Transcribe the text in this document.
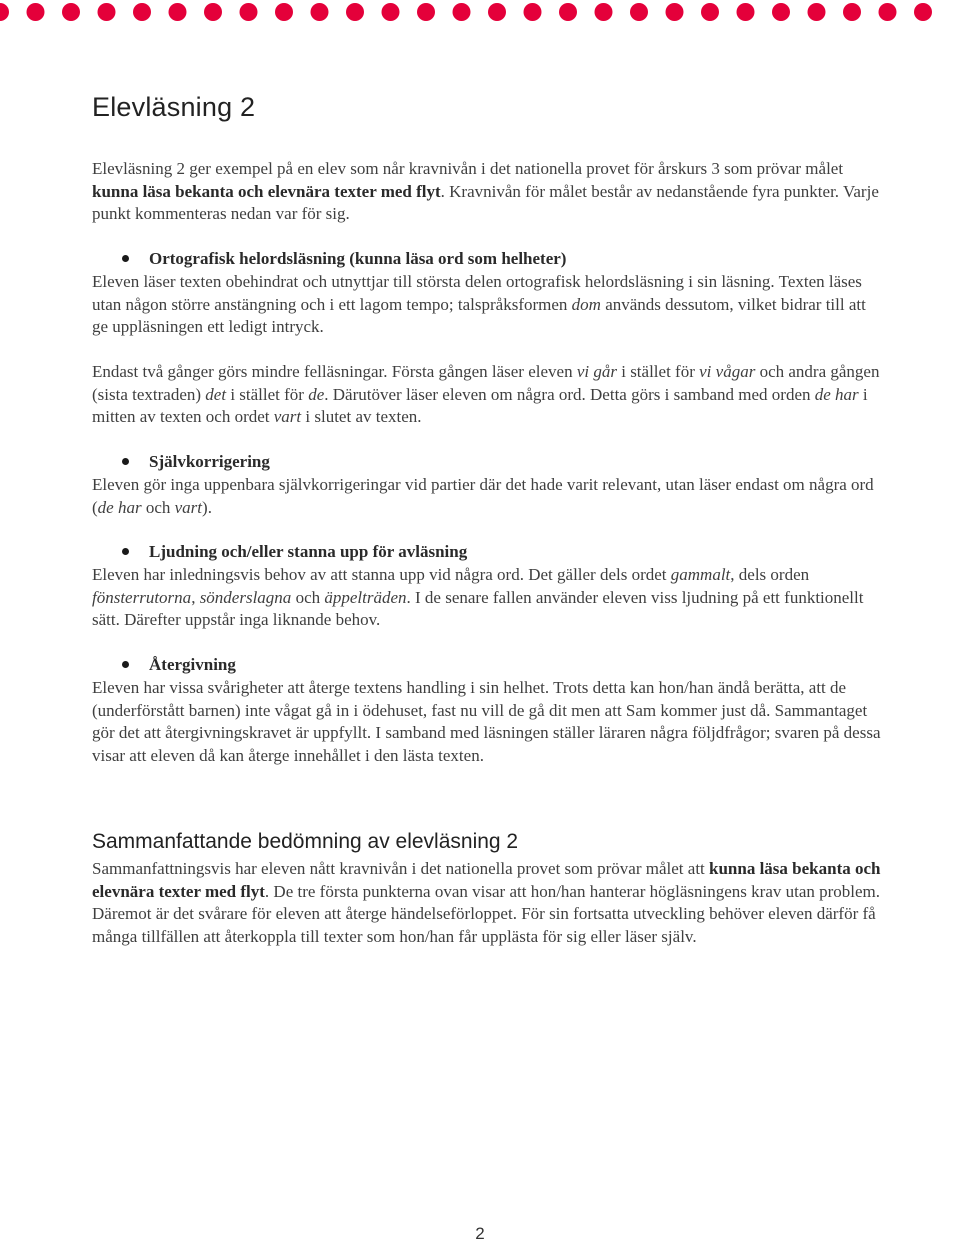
Elevläsning 2

Elevläsning 2 ger exempel på en elev som når kravnivån i det nationella provet för årskurs 3 som prövar målet kunna läsa bekanta och elevnära texter med flyt. Kravnivån för målet består av nedanstående fyra punkter. Varje punkt kommenteras nedan var för sig.

Ortografisk helordsläsning (kunna läsa ord som helheter)

Eleven läser texten obehindrat och utnyttjar till största delen ortografisk helordsläsning i sin läsning. Texten läses utan någon större anstängning och i ett lagom tempo; talspråksformen dom används dessutom, vilket bidrar till att ge uppläsningen ett ledigt intryck.

Endast två gånger görs mindre felläsningar. Första gången läser eleven vi går i stället för vi vågar och andra gången (sista textraden) det i stället för de. Därutöver läser eleven om några ord. Detta görs i samband med orden de har i mitten av texten och ordet vart i slutet av texten.

Självkorrigering

Eleven gör inga uppenbara självkorrigeringar vid partier där det hade varit relevant, utan läser endast om några ord (de har och vart).

Ljudning och/eller stanna upp för avläsning

Eleven har inledningsvis behov av att stanna upp vid några ord. Det gäller dels ordet gammalt, dels orden fönsterrutorna, sönderslagna och äppelträden. I de senare fallen använder eleven viss ljudning på ett funktionellt sätt. Därefter uppstår inga liknande behov.

Återgivning

Eleven har vissa svårigheter att återge textens handling i sin helhet. Trots detta kan hon/han ändå berätta, att de (underförstått barnen) inte vågat gå in i ödehuset, fast nu vill de gå dit men att Sam kommer just då. Sammantaget gör det att återgivningskravet är uppfyllt. I samband med läsningen ställer läraren några följdfrågor; svaren på dessa visar att eleven då kan återge innehållet i den lästa texten.

Sammanfattande bedömning av elevläsning 2

Sammanfattningsvis har eleven nått kravnivån i det nationella provet som prövar målet att kunna läsa bekanta och elevnära texter med flyt. De tre första punkterna ovan visar att hon/han hanterar högläsningens krav utan problem. Däremot är det svårare för eleven att återge händelseförloppet. För sin fortsatta utveckling behöver eleven därför få många tillfällen att återkoppla till texter som hon/han får upplästa för sig eller läser själv.

2
